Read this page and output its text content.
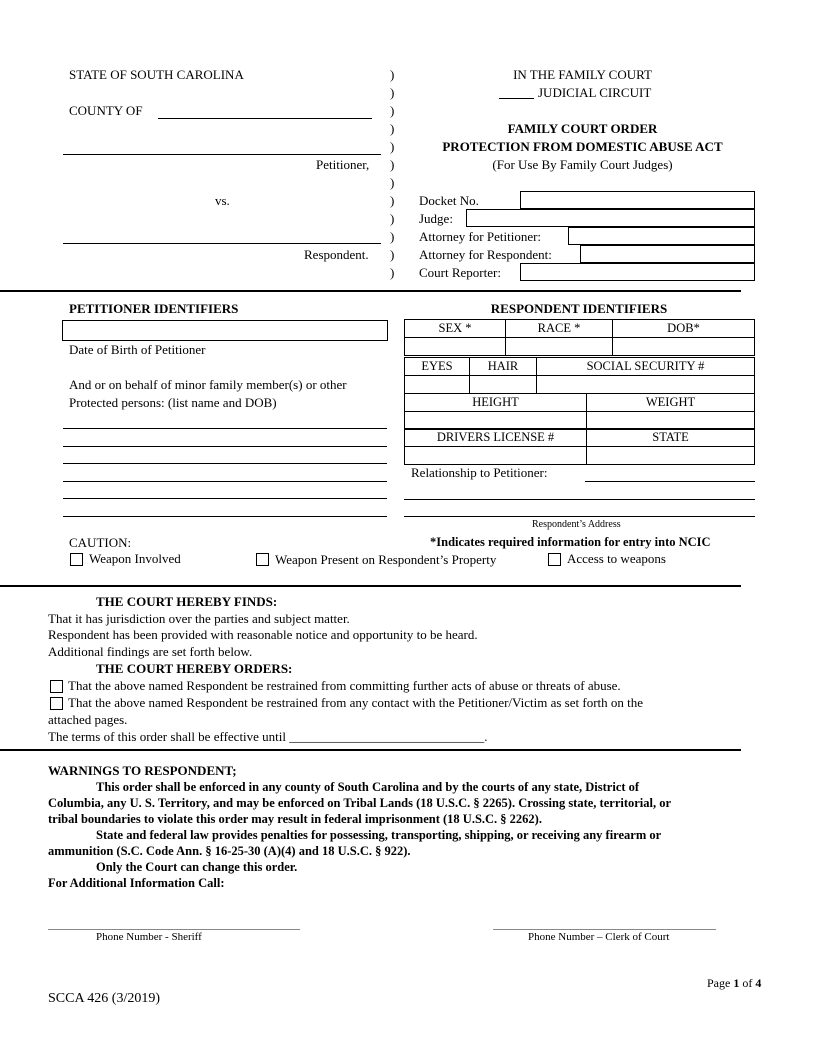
STATE OF SOUTH CAROLINA
COUNTY OF
Petitioner,
vs.
Respondent.
)
)
)
)
)
)
)
)
)
)
)
)
IN THE FAMILY COURT
JUDICIAL CIRCUIT
FAMILY COURT ORDER
PROTECTION FROM DOMESTIC ABUSE ACT
(For Use By Family Court Judges)
Docket No.
Judge:
Attorney for Petitioner:
Attorney for Respondent:
Court Reporter:
PETITIONER IDENTIFIERS
Date of Birth of Petitioner
And or on behalf of minor family member(s) or other
Protected persons: (list name and DOB)
RESPONDENT IDENTIFIERS
SEX *	RACE *	DOB*

EYES	HAIR	SOCIAL SECURITY #

HEIGHT	WEIGHT

DRIVERS LICENSE #	STATE

Relationship to Petitioner:
Respondent’s Address
CAUTION:	*Indicates required information for entry into NCIC
Weapon Involved	Weapon Present on Respondent’s Property	Access to weapons
THE COURT HEREBY FINDS:
That it has jurisdiction over the parties and subject matter.
Respondent has been provided with reasonable notice and opportunity to be heard.
Additional findings are set forth below.
THE COURT HEREBY ORDERS:
That the above named Respondent be restrained from committing further acts of abuse or threats of abuse.
That the above named Respondent be restrained from any contact with the Petitioner/Victim as set forth on the
attached pages.
The terms of this order shall be effective until ______________________________.
WARNINGS TO RESPONDENT;
This order shall be enforced in any county of South Carolina and by the courts of any state, District of
Columbia, any U. S. Territory, and may be enforced on Tribal Lands (18 U.S.C. § 2265). Crossing state, territorial, or
tribal boundaries to violate this order may result in federal imprisonment (18 U.S.C. § 2262).
State and federal law provides penalties for possessing, transporting, shipping, or receiving any firearm or
ammunition (S.C. Code Ann. § 16-25-30 (A)(4) and 18 U.S.C. § 922).
Only the Court can change this order.
For Additional Information Call:
Phone Number - Sheriff	Phone Number – Clerk of Court
Page 1 of 4
SCCA 426 (3/2019)
